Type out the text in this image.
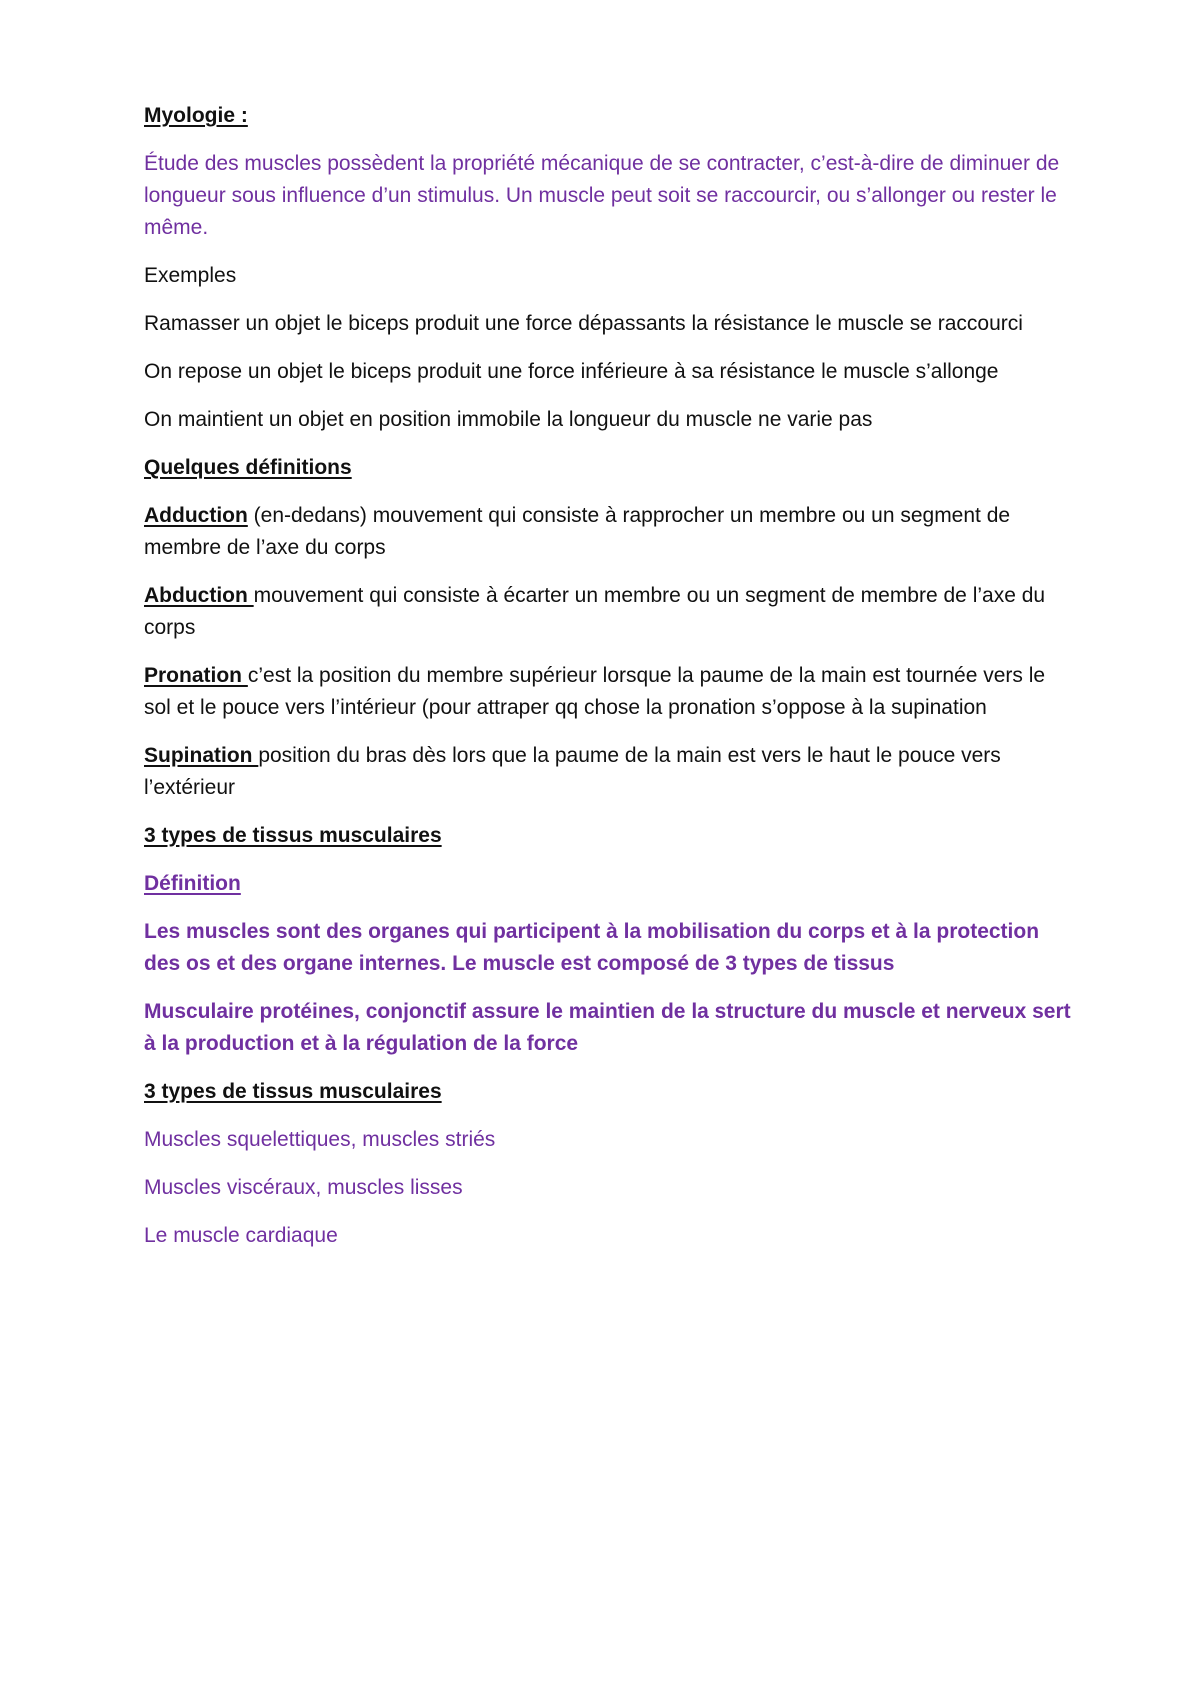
Myologie :

Étude des muscles possèdent la propriété mécanique de se contracter, c’est-à-dire de diminuer de longueur sous influence d’un stimulus. Un muscle peut soit se raccourcir, ou s’allonger ou rester le même.

Exemples

Ramasser un objet le biceps produit une force dépassants la résistance le muscle se raccourci

On repose un objet le biceps produit une force inférieure à sa résistance le muscle s’allonge

On maintient un objet en position immobile la longueur du muscle ne varie pas

Quelques définitions

Adduction (en-dedans) mouvement qui consiste à rapprocher un membre ou un segment de membre de l’axe du corps

Abduction mouvement qui consiste à écarter un membre ou un segment de membre de l’axe du corps

Pronation c’est la position du membre supérieur lorsque la paume de la main est tournée vers le sol et le pouce vers l’intérieur (pour attraper qq chose la pronation s’oppose à la supination

Supination position du bras dès lors que la paume de la main est vers le haut le pouce vers l’extérieur

3 types de tissus musculaires

Définition

Les muscles sont des organes qui participent à la mobilisation du corps et à la protection des os et des organe internes. Le muscle est composé de 3 types de tissus

Musculaire protéines, conjonctif assure le maintien de la structure du muscle et nerveux sert à la production et à la régulation de la force

3 types de tissus musculaires

Muscles squelettiques, muscles striés

Muscles viscéraux, muscles lisses

Le muscle cardiaque
